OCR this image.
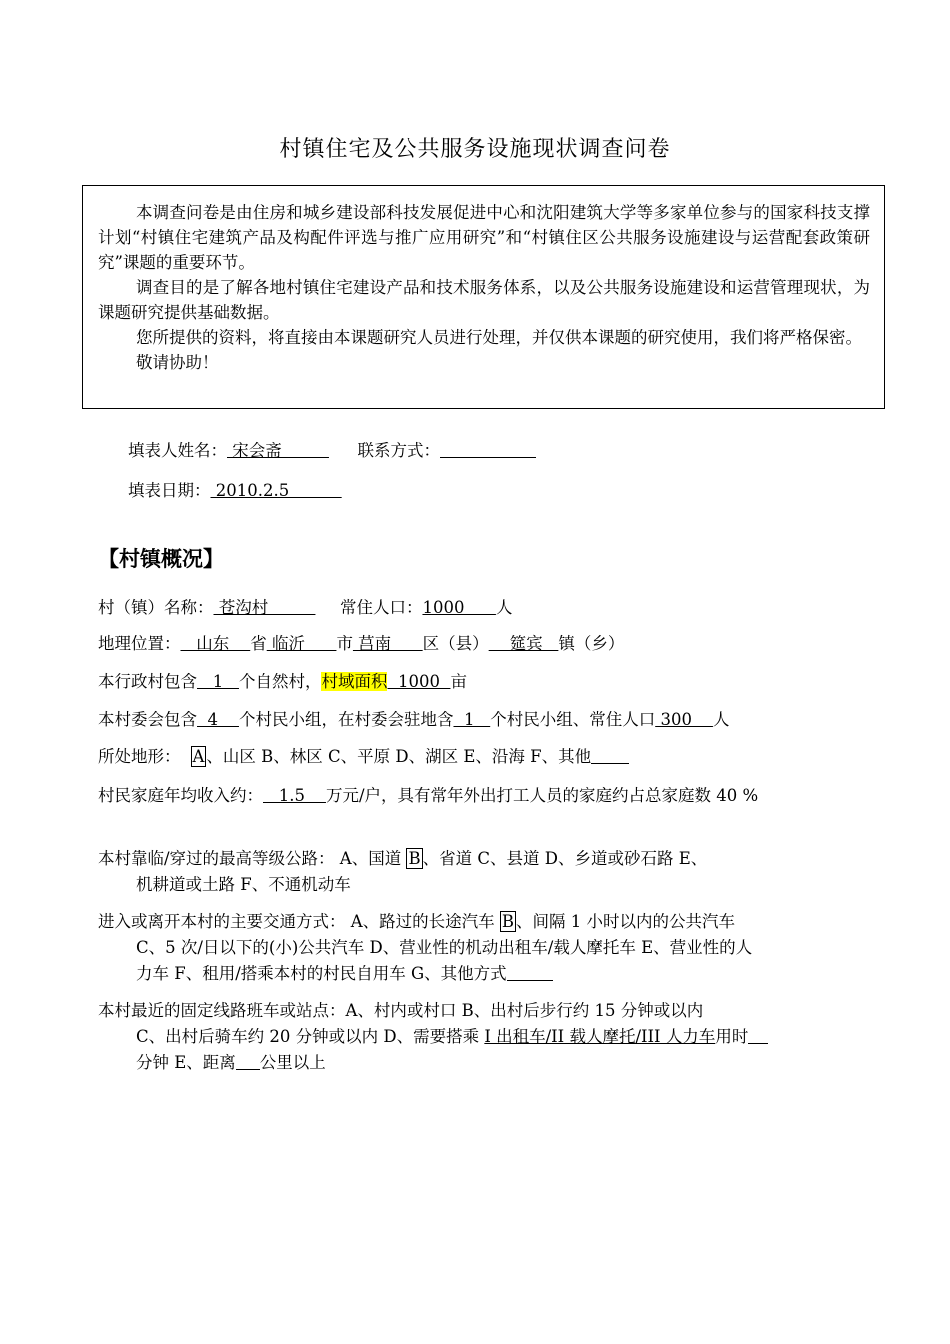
村镇住宅及公共服务设施现状调查问卷

本调查问卷是由住房和城乡建设部科技发展促进中心和沈阳建筑大学等多家单位参与的国家科技支撑计划“村镇住宅建筑产品及构配件评选与推广应用研究”和“村镇住区公共服务设施建设与运营配套政策研究”课题的重要环节。

调查目的是了解各地村镇住宅建设产品和技术服务体系，以及公共服务设施建设和运营管理现状，为课题研究提供基础数据。

您所提供的资料，将直接由本课题研究人员进行处理，并仅供本课题的研究使用，我们将严格保密。

敬请协助！

填表人姓名： 宋会斋           联系方式：
填表日期： 2010.2.5
【村镇概况】
村（镇）名称： 苍沟村           常住人口：1000      人
地理位置：   山东    省 临沂      市 莒南      区（县）    筵宾   镇（乡）
本行政村包含   1   个自然村，村域面积  1000  亩
本村委会包含  4    个村民小组，在村委会驻地含  1   个村民小组、常住人口 300    人
所处地形： A 、山区 B、林区 C、平原 D、湖区 E、沿海 F、其他
村民家庭年均收入约：   1.5    万元/户，具有常年外出打工人员的家庭约占总家庭数 40 %
本村靠临/穿过的最高等级公路： A、国道 B 、省道 C、县道 D、乡道或砂石路 E、
机耕道或土路 F、不通机动车
进入或离开本村的主要交通方式： A、路过的长途汽车 B 、间隔 1 小时以内的公共汽车
C、5 次/日以下的(小)公共汽车 D、营业性的机动出租车/载人摩托车 E、营业性的人
力车 F、租用/搭乘本村的村民自用车 G、其他方式
本村最近的固定线路班车或站点：A、村内或村口 B、出村后步行约 15 分钟或以内
C、出村后骑车约 20 分钟或以内 D、需要搭乘 I 出租车/II 载人摩托/III 人力车用时
分钟 E、距离 公里以上
